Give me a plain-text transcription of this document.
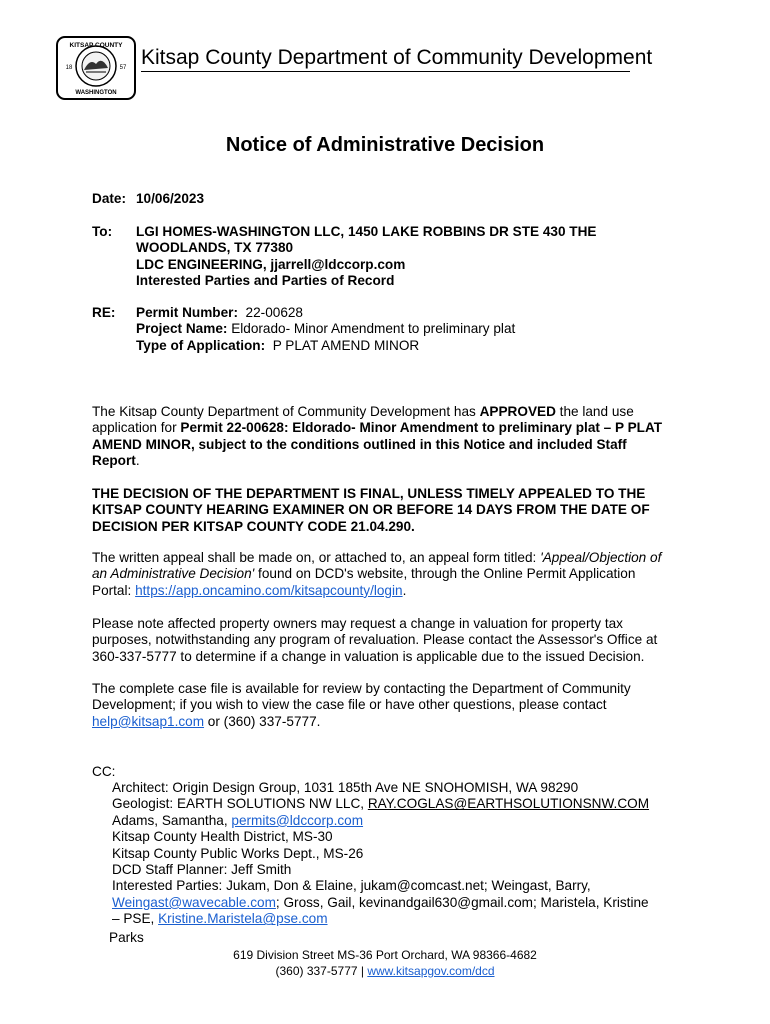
KITSAP COUNTY
WASHINGTON
18	57 Kitsap County Department of Community Development
Notice of Administrative Decision
Date: 10/06/2023
To: LGI HOMES-WASHINGTON LLC, 1450 LAKE ROBBINS DR STE 430 THE
WOODLANDS, TX 77380
LDC ENGINEERING, jjarrell@ldccorp.com
Interested Parties and Parties of Record
RE: Permit Number: 22-00628
Project Name: Eldorado- Minor Amendment to preliminary plat
Type of Application: P PLAT AMEND MINOR
The Kitsap County Department of Community Development has APPROVED the land use
application for Permit 22-00628: Eldorado- Minor Amendment to preliminary plat – P PLAT
AMEND MINOR, subject to the conditions outlined in this Notice and included Staff
Report.
THE DECISION OF THE DEPARTMENT IS FINAL, UNLESS TIMELY APPEALED TO THE
KITSAP COUNTY HEARING EXAMINER ON OR BEFORE 14 DAYS FROM THE DATE OF
DECISION PER KITSAP COUNTY CODE 21.04.290.
The written appeal shall be made on, or attached to, an appeal form titled: 'Appeal/Objection of
an Administrative Decision' found on DCD's website, through the Online Permit Application
Portal: https://app.oncamino.com/kitsapcounty/login.
Please note affected property owners may request a change in valuation for property tax
purposes, notwithstanding any program of revaluation. Please contact the Assessor's Office at
360-337-5777 to determine if a change in valuation is applicable due to the issued Decision.
The complete case file is available for review by contacting the Department of Community
Development; if you wish to view the case file or have other questions, please contact
help@kitsap1.com or (360) 337-5777.
CC:
Architect: Origin Design Group, 1031 185th Ave NE SNOHOMISH, WA 98290
Geologist: EARTH SOLUTIONS NW LLC, RAY.COGLAS@EARTHSOLUTIONSNW.COM
Adams, Samantha, permits@ldccorp.com
Kitsap County Health District, MS-30
Kitsap County Public Works Dept., MS-26
DCD Staff Planner: Jeff Smith
Interested Parties: Jukam, Don & Elaine, jukam@comcast.net; Weingast, Barry,
Weingast@wavecable.com; Gross, Gail, kevinandgail630@gmail.com; Maristela, Kristine
– PSE, Kristine.Maristela@pse.com
Parks
619 Division Street MS-36 Port Orchard, WA 98366-4682
(360) 337-5777 | www.kitsapgov.com/dcd
